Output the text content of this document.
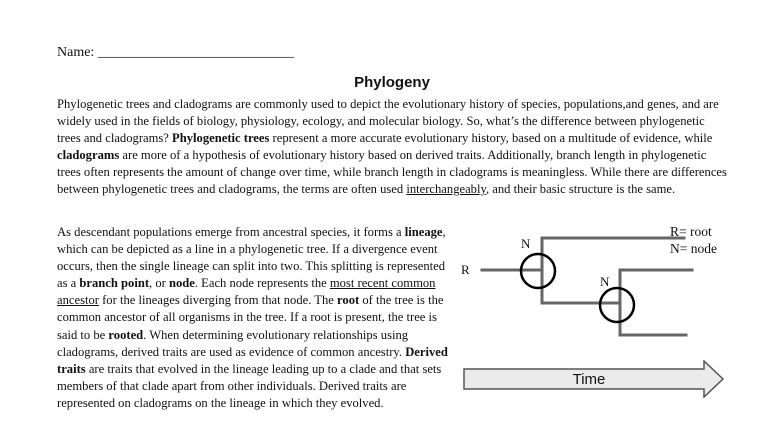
Name: ____________________________
Phylogeny

Phylogenetic trees and cladograms are commonly used to depict the evolutionary history of species, populations,and genes, and are widely used in the fields of biology, physiology, ecology, and molecular biology. So, what’s the difference between phylogenetic trees and cladograms? Phylogenetic trees represent a more accurate evolutionary history, based on a multitude of evidence, while cladograms are more of a hypothesis of evolutionary history based on derived traits. Additionally, branch length in phylogenetic trees often represents the amount of change over time, while branch length in cladograms is meaningless. While there are differences between phylogenetic trees and cladograms, the terms are often used interchangeably, and their basic structure is the same.

As descendant populations emerge from ancestral species, it forms a lineage, which can be depicted as a line in a phylogenetic tree. If a divergence event occurs, then the single lineage can split into two. This splitting is represented as a branch point, or node. Each node represents the most recent common ancestor for the lineages diverging from that node. The root of the tree is the common ancestor of all organisms in the tree. If a root is present, the tree is said to be rooted. When determining evolutionary relationships using cladograms, derived traits are used as evidence of common ancestry. Derived traits are traits that evolved in the lineage leading up to a clade and that sets members of that clade apart from other individuals. Derived traits are represented on cladograms on the lineage in which they evolved.

R= root
N= node
R
N
N
Time
